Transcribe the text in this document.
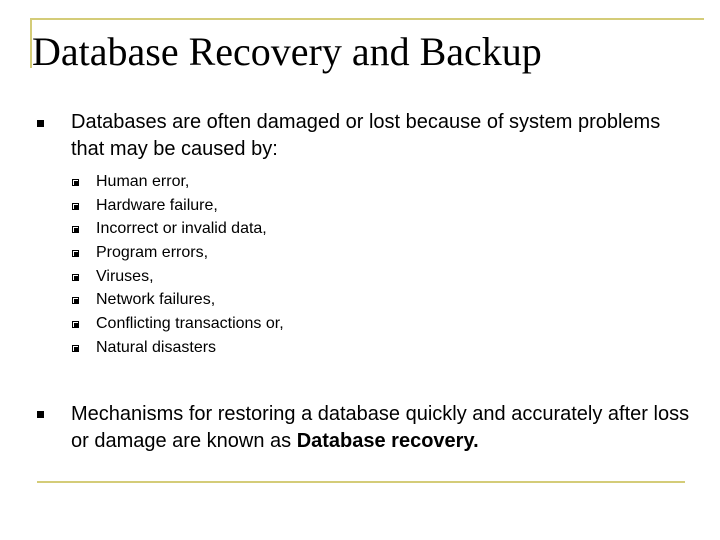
Database Recovery and Backup
Databases are often damaged or lost because of system problems that may be caused by:
Human error,
Hardware failure,
Incorrect or invalid data,
Program errors,
Viruses,
Network failures,
Conflicting transactions or,
Natural disasters
Mechanisms for restoring a database quickly and accurately after loss or damage are known as Database recovery.
